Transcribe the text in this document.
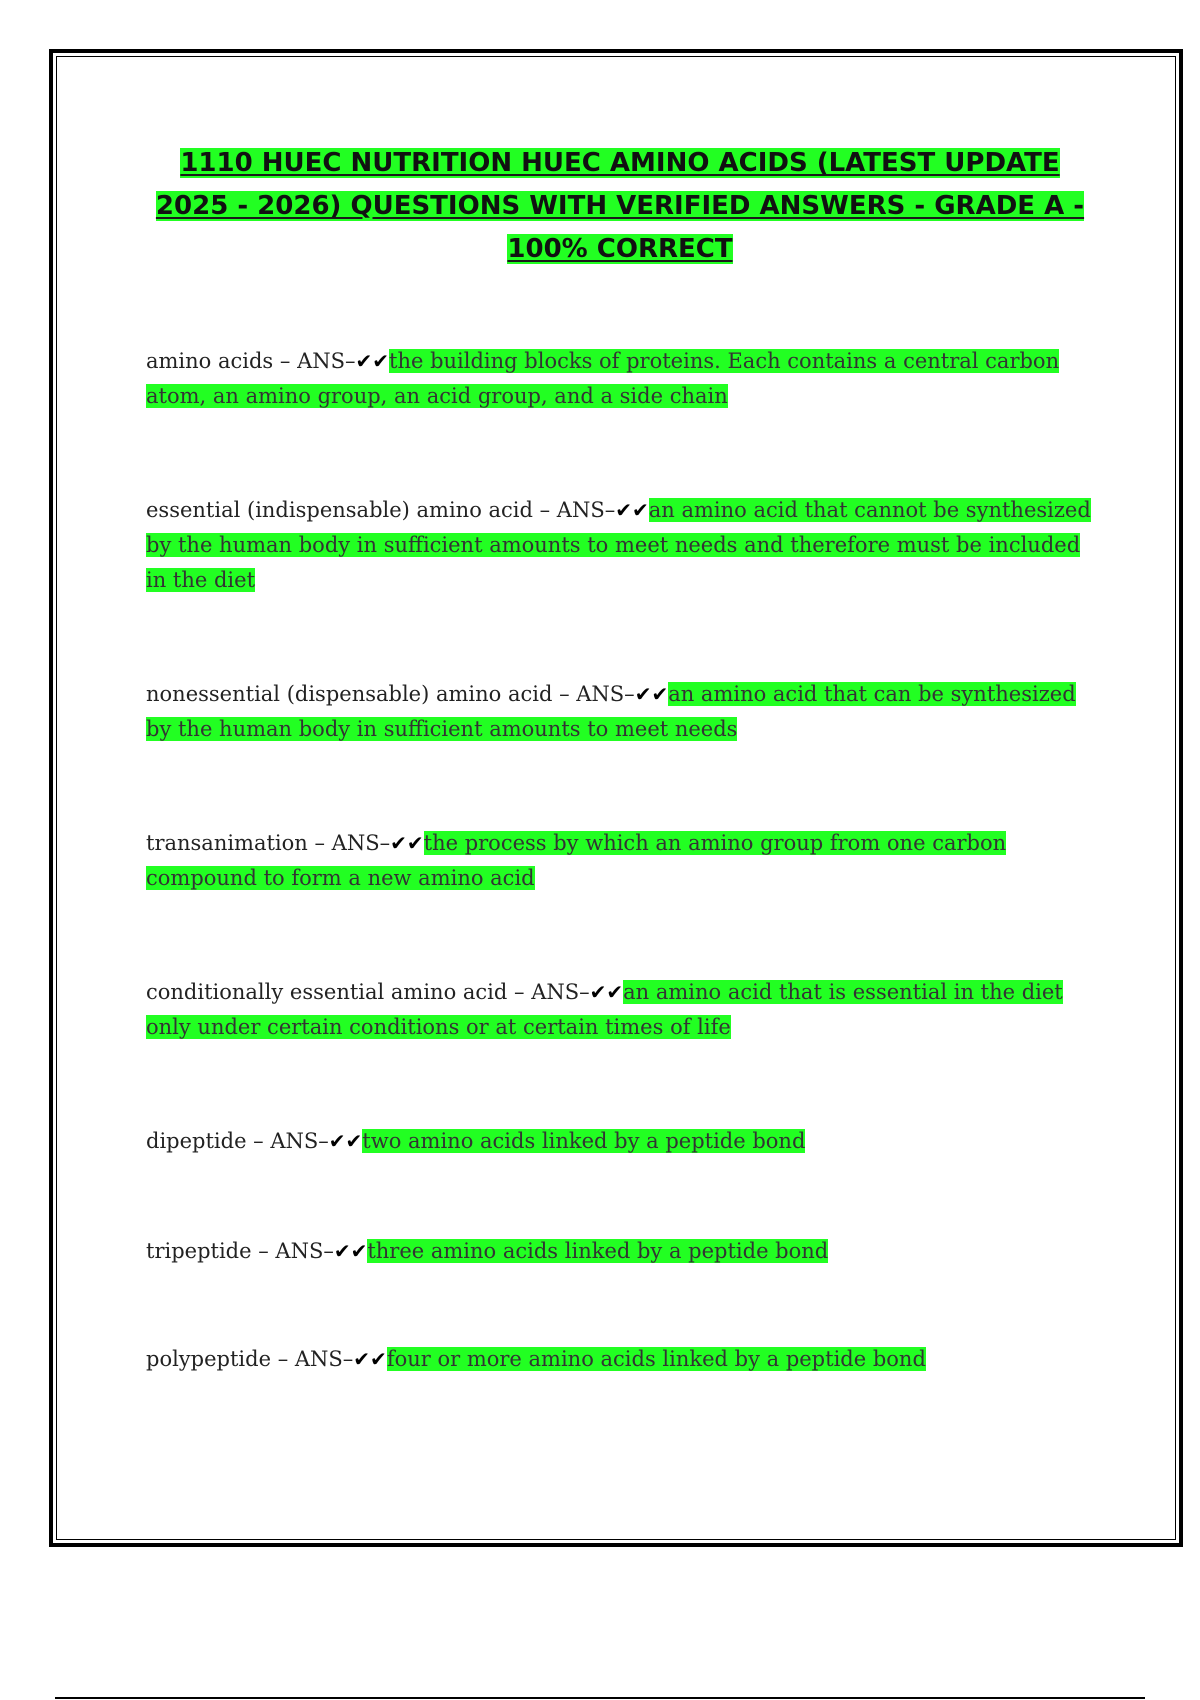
1110 HUEC NUTRITION HUEC AMINO ACIDS (LATEST UPDATE 2025 - 2026) QUESTIONS WITH VERIFIED ANSWERS - GRADE A - 100% CORRECT

amino acids – ANS–✔✔the building blocks of proteins. Each contains a central carbon atom, an amino group, an acid group, and a side chain

essential (indispensable) amino acid – ANS–✔✔an amino acid that cannot be synthesized by the human body in sufficient amounts to meet needs and therefore must be included in the diet

nonessential (dispensable) amino acid – ANS–✔✔an amino acid that can be synthesized by the human body in sufficient amounts to meet needs

transanimation – ANS–✔✔the process by which an amino group from one carbon compound to form a new amino acid

conditionally essential amino acid – ANS–✔✔an amino acid that is essential in the diet only under certain conditions or at certain times of life

dipeptide – ANS–✔✔two amino acids linked by a peptide bond

tripeptide – ANS–✔✔three amino acids linked by a peptide bond

polypeptide – ANS–✔✔four or more amino acids linked by a peptide bond
